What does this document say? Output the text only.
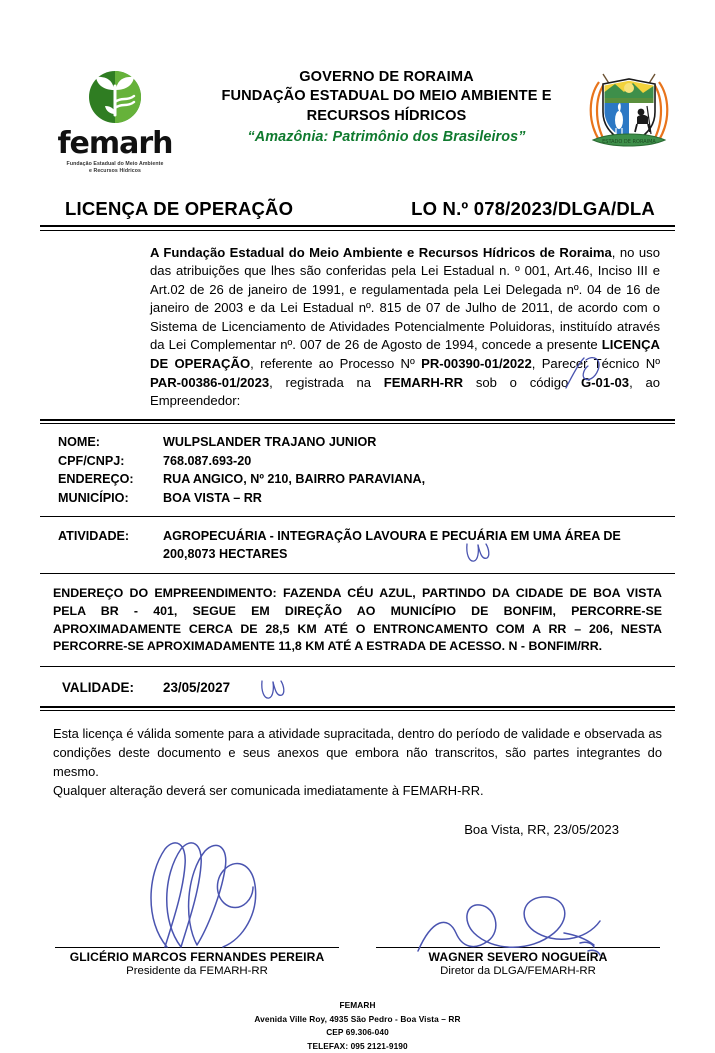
femarh
Fundação Estadual do Meio Ambiente
e Recursos Hídricos
GOVERNO DE RORAIMA
FUNDAÇÃO ESTADUAL DO MEIO AMBIENTE E
RECURSOS HÍDRICOS
“Amazônia: Patrimônio dos Brasileiros”	ESTADO DE RORAIMA
LICENÇA DE OPERAÇÃO	LO N.º 078/2023/DLGA/DLA
A Fundação Estadual do Meio Ambiente e Recursos Hídricos de Roraima, no uso das atribuições que lhes são conferidas pela Lei Estadual n. º 001, Art.46, Inciso III e Art.02 de 26 de janeiro de 1991, e regulamentada pela Lei Delegada nº. 04 de 16 de janeiro de 2003 e da Lei Estadual nº. 815 de 07 de Julho de 2011, de acordo com o Sistema de Licenciamento de Atividades Potencialmente Poluidoras, instituído através da Lei Complementar nº. 007 de 26 de Agosto de 1994, concede a presente LICENÇA DE OPERAÇÃO, referente ao Processo Nº PR-00390-01/2022, Parecer Técnico Nº PAR-00386-01/2023, registrada na FEMARH-RR sob o código G-01-03, ao Empreendedor:
NOME:	WULPSLANDER TRAJANO JUNIOR
CPF/CNPJ:	768.087.693-20
ENDEREÇO:	RUA ANGICO, Nº 210, BAIRRO PARAVIANA,
MUNICÍPIO:	BOA VISTA – RR
ATIVIDADE:	AGROPECUÁRIA - INTEGRAÇÃO LAVOURA E PECUÁRIA EM UMA ÁREA DE 200,8073 HECTARES
ENDEREÇO DO EMPREENDIMENTO: FAZENDA CÉU AZUL, PARTINDO DA CIDADE DE BOA VISTA PELA BR - 401, SEGUE EM DIREÇÃO AO MUNICÍPIO DE BONFIM, PERCORRE-SE APROXIMADAMENTE CERCA DE 28,5 KM ATÉ O ENTRONCAMENTO COM A RR – 206, NESTA PERCORRE-SE APROXIMADAMENTE 11,8 KM ATÉ A ESTRADA DE ACESSO. N - BONFIM/RR.
VALIDADE:	23/05/2027
Esta licença é válida somente para a atividade supracitada, dentro do período de validade e observada as condições deste documento e seus anexos que embora não transcritos, são partes integrantes do mesmo.
Qualquer alteração deverá ser comunicada imediatamente à FEMARH-RR.
Boa Vista, RR, 23/05/2023
GLICÉRIO MARCOS FERNANDES PEREIRA
Presidente da FEMARH-RR
WAGNER SEVERO NOGUEIRA
Diretor da DLGA/FEMARH-RR
FEMARH
Avenida Ville Roy, 4935 São Pedro - Boa Vista – RR
CEP 69.306-040
TELEFAX: 095 2121-9190
